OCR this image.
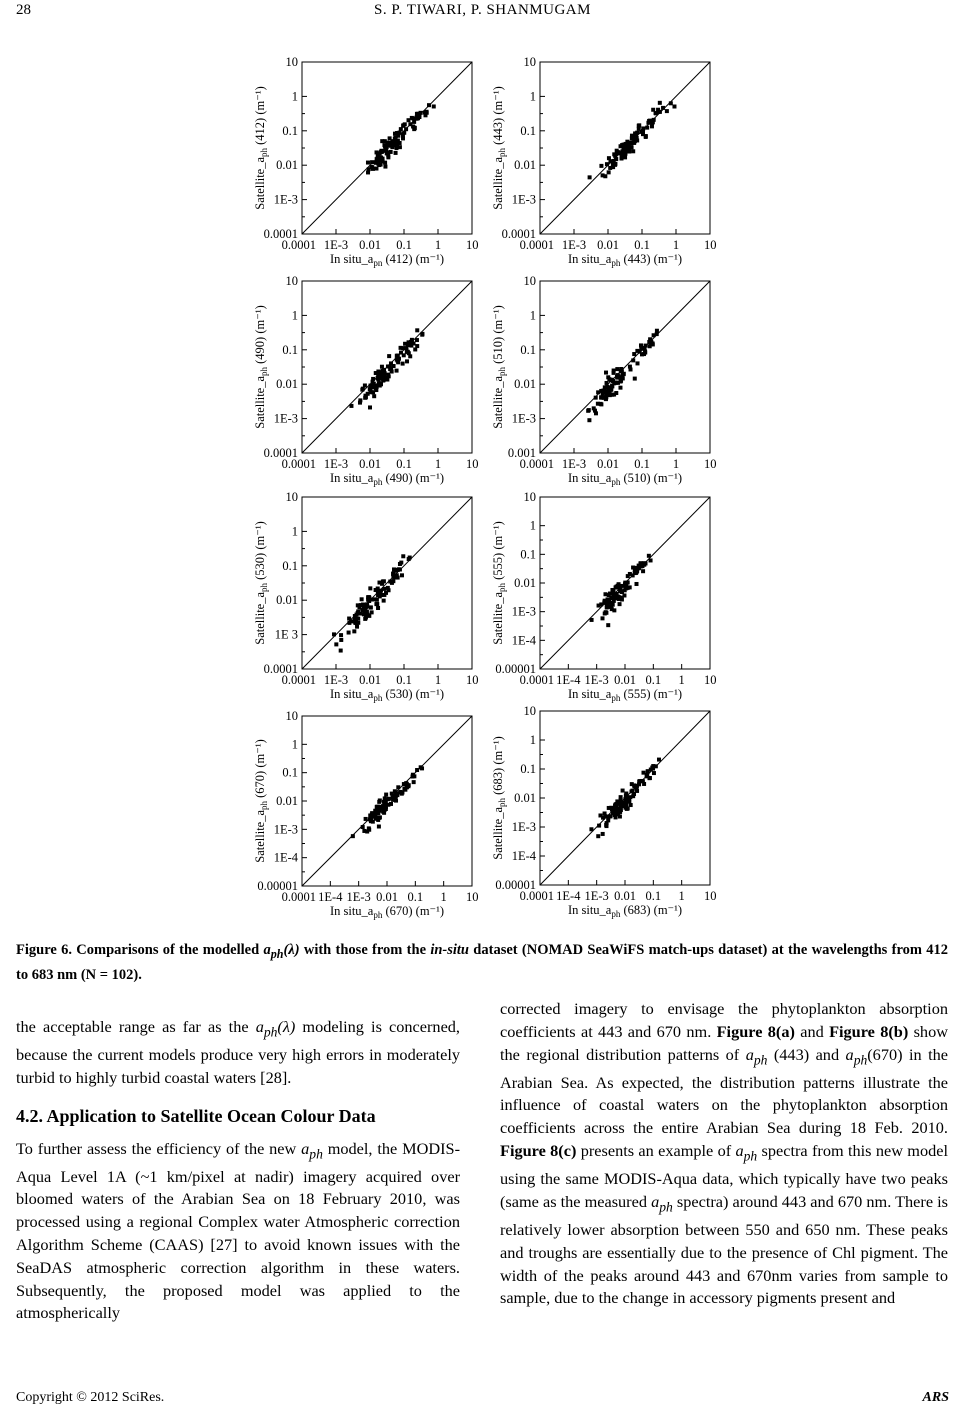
28	S. P. TIWARI, P. SHANMUGAM
0.0001
1E-3
0.01
0.1
1
10
0.0001 1E-3 0.01 0.1 1 10
In $situ\_a_{pn}$ (412) (m⁻¹)
$Satellite\_a_{ph}$ (412) (m⁻¹)
0.0001
1E-3
0.01
0.1
1
10
0.0001 1E-3 0.01 0.1 1 10
In $situ\_a_{ph}$ (443) (m⁻¹)
$Satellite\_a_{ph}$ (443) (m⁻¹)
0.0001
1E-3
0.01
0.1
1
10
0.0001 1E-3 0.01 0.1 1 10
In $situ\_a_{ph}$ (490) (m⁻¹)
$Satellite\_a_{ph}$ (490) (m⁻¹)
0.001
1E-3
0.01
0.1
1
10
0.0001 1E-3 0.01 0.1 1 10
In $situ\_a_{ph}$ (510) (m⁻¹)
$Satellite\_a_{ph}$ (510) (m⁻¹)
0.0001
1E 3
0.01
0.1
1
10
0.0001 1E-3 0.01 0.1 1 10
In $situ\_a_{ph}$ (530) (m⁻¹)
$Satellite\_a_{ph}$ (530) (m⁻¹)
0.00001
1E-4
1E-3
0.01
0.1
1
10
0.0001 1E-4 1E-3 0.01 0.1 1 10
In $situ\_a_{ph}$ (555) (m⁻¹)
$Satellite\_a_{ph}$ (555) (m⁻¹)
0.00001
1E-4
1E-3
0.01
0.1
1
10
0.0001 1E-4 1E-3 0.01 0.1 1 10
In $situ\_a_{ph}$ (670) (m⁻¹)
$Satellite\_a_{ph}$ (670) (m⁻¹)
0.00001
1E-4
1E-3
0.01
0.1
1
10
0.0001 1E-4 1E-3 0.01 0.1 1 10
In $situ\_a_{ph}$ (683) (m⁻¹)
$Satellite\_a_{ph}$ (683) (m⁻¹)
Figure 6. Comparisons of the modelled $a_{ph}(\lambda)$ with those from the in-situ dataset (NOMAD SeaWiFS match-ups dataset) at the wavelengths from 412 to 683 nm (N = 102).

the acceptable range as far as the $a_{ph}(\lambda)$ modeling is concerned, because the current models produce very high errors in moderately turbid to highly turbid coastal waters [28].

4.2. Application to Satellite Ocean Colour Data

To further assess the efficiency of the new $a_{ph}$ model, the MODIS-Aqua Level 1A (~1 km/pixel at nadir) imagery acquired over bloomed waters of the Arabian Sea on 18 February 2010, was processed using a regional Complex water Atmospheric correction Algorithm Scheme (CAAS) [27] to avoid known issues with the SeaDAS atmospheric correction algorithm in these waters. Subsequently, the proposed model was applied to the atmospherically

corrected imagery to envisage the phytoplankton absorption coefficients at 443 and 670 nm. Figure 8(a) and Figure 8(b) show the regional distribution patterns of $a_{ph}$ (443) and $a_{ph}(670)$ in the Arabian Sea. As expected, the distribution patterns illustrate the influence of coastal waters on the phytoplankton absorption coefficients across the entire Arabian Sea during 18 Feb. 2010. Figure 8(c) presents an example of $a_{ph}$ spectra from this new model using the same MODIS-Aqua data, which typically have two peaks (same as the measured $a_{ph}$ spectra) around 443 and 670 nm. There is relatively lower absorption between 550 and 650 nm. These peaks and troughs are essentially due to the presence of Chl pigment. The width of the peaks around 443 and 670nm varies from sample to sample, due to the change in accessory pigments present and

Copyright © 2012 SciRes.	ARS
